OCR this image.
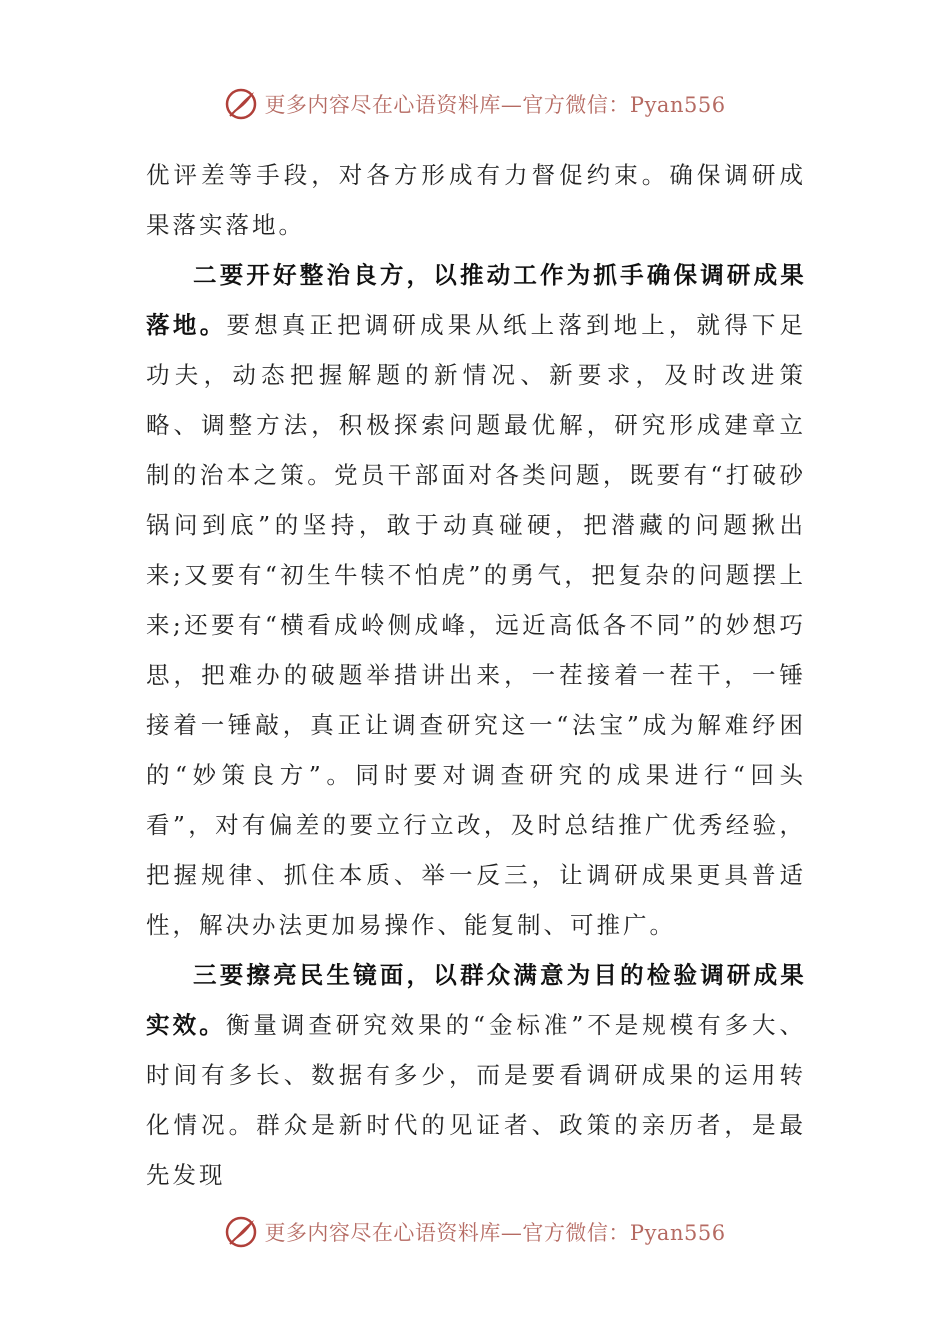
更多内容尽在心语资料库—官方微信：Pyan556

优评差等手段，对各方形成有力督促约束。确保调研成果落实落地。

二要开好整治良方，以推动工作为抓手确保调研成果落地。要想真正把调研成果从纸上落到地上，就得下足功夫，动态把握解题的新情况、新要求，及时改进策略、调整方法，积极探索问题最优解，研究形成建章立制的治本之策。党员干部面对各类问题，既要有“打破砂锅问到底”的坚持，敢于动真碰硬，把潜藏的问题揪出来;又要有“初生牛犊不怕虎”的勇气，把复杂的问题摆上来;还要有“横看成岭侧成峰，远近高低各不同”的妙想巧思，把难办的破题举措讲出来，一茬接着一茬干，一锤接着一锤敲，真正让调查研究这一“法宝”成为解难纾困的“妙策良方”。同时要对调查研究的成果进行“回头看”，对有偏差的要立行立改，及时总结推广优秀经验，把握规律、抓住本质、举一反三，让调研成果更具普适性，解决办法更加易操作、能复制、可推广。

三要擦亮民生镜面，以群众满意为目的检验调研成果实效。衡量调查研究效果的“金标准”不是规模有多大、时间有多长、数据有多少，而是要看调研成果的运用转化情况。群众是新时代的见证者、政策的亲历者，是最先发现

更多内容尽在心语资料库—官方微信：Pyan556
